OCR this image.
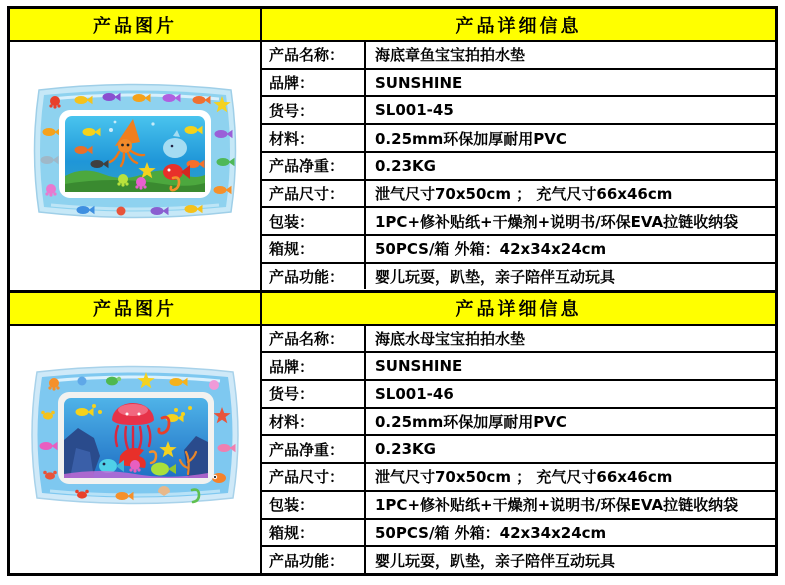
产品图片	产品详细信息
产品名称：	海底章鱼宝宝拍拍水垫
品牌：	SUNSHINE
货号：	SL001-45
材料：	0.25mm环保加厚耐用PVC
产品净重：	0.23KG
产品尺寸：	泄气尺寸70x50cm ； 充气尺寸66x46cm
包装：	1PC+修补贴纸+干燥剂+说明书/环保EVA拉链收纳袋
箱规：	50PCS/箱 外箱：42x34x24cm
产品功能：	婴儿玩耍，趴垫，亲子陪伴互动玩具
产品图片	产品详细信息
产品名称：	海底水母宝宝拍拍水垫
品牌：	SUNSHINE
货号：	SL001-46
材料：	0.25mm环保加厚耐用PVC
产品净重：	0.23KG
产品尺寸：	泄气尺寸70x50cm ； 充气尺寸66x46cm
包装：	1PC+修补贴纸+干燥剂+说明书/环保EVA拉链收纳袋
箱规：	50PCS/箱 外箱：42x34x24cm
产品功能：	婴儿玩耍，趴垫，亲子陪伴互动玩具
